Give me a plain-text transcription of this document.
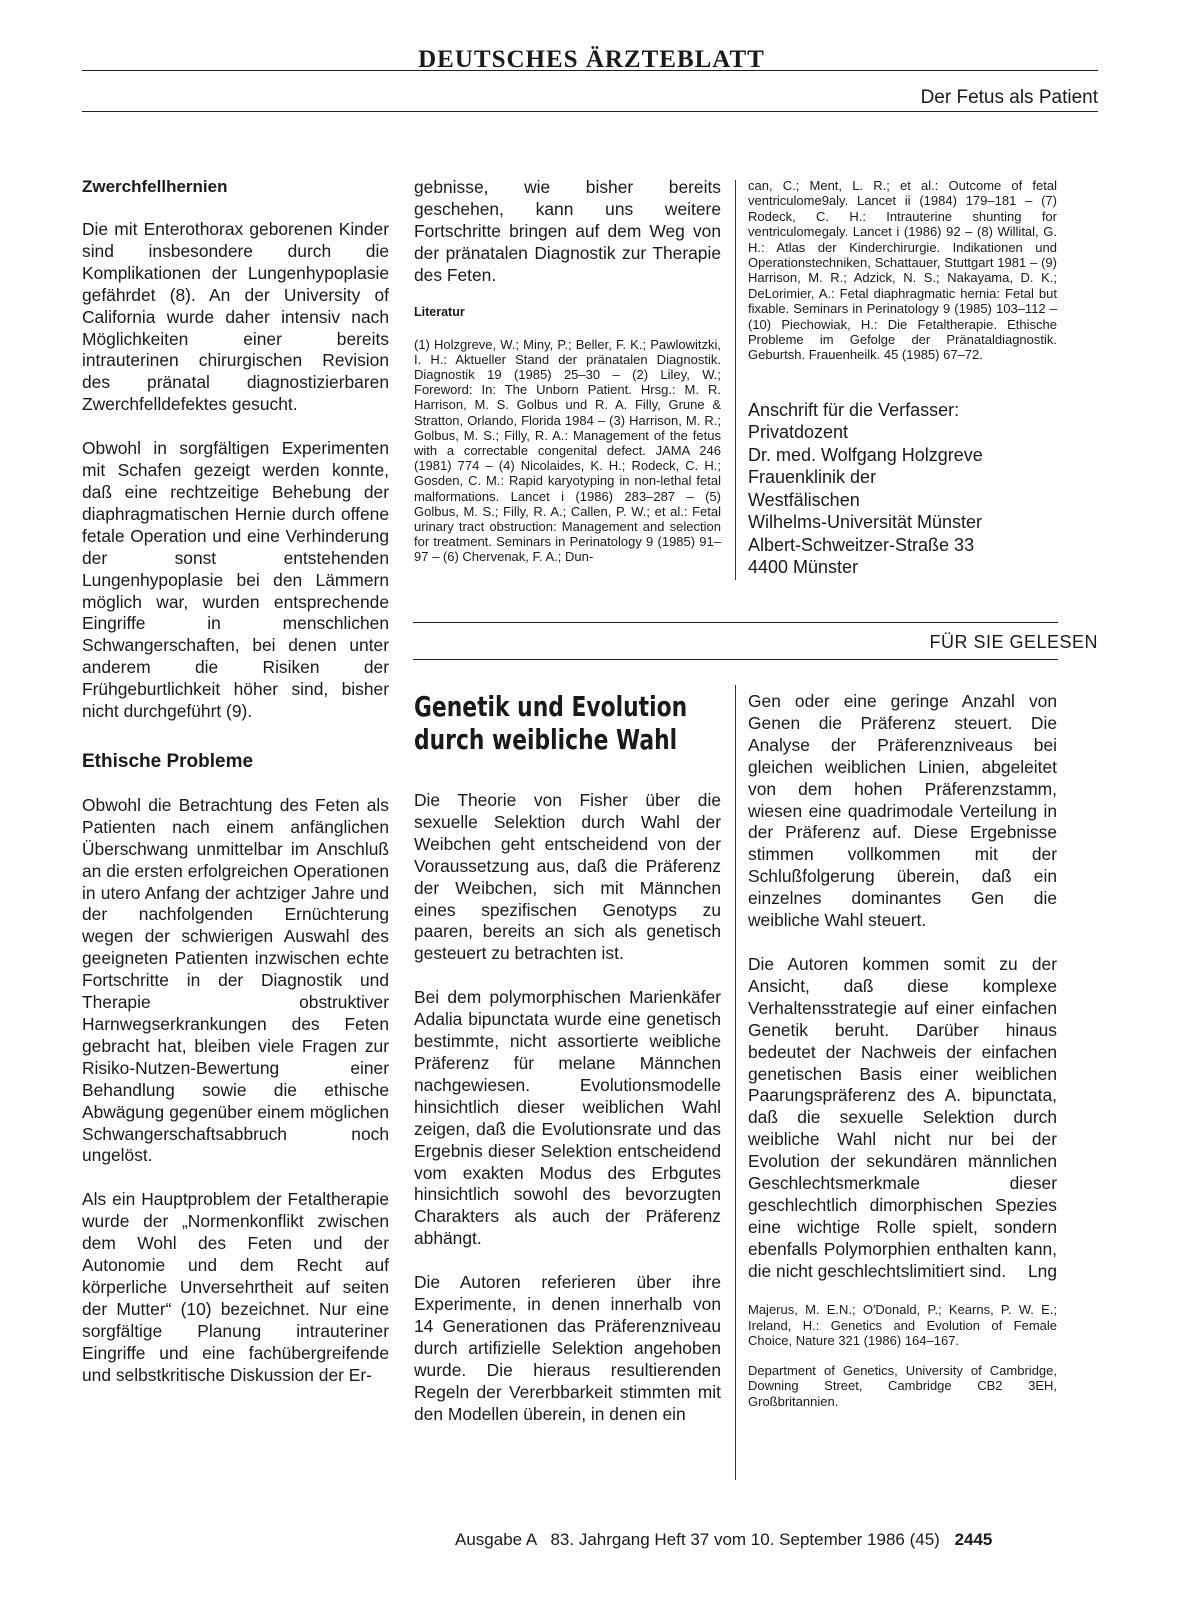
DEUTSCHES ÄRZTEBLATT
Der Fetus als Patient

Zwerchfellhernien

Die mit Enterothorax geborenen Kinder sind insbesondere durch die Komplikationen der Lungenhypoplasie gefährdet (8). An der University of California wurde daher intensiv nach Möglichkeiten einer bereits intrauterinen chirurgischen Revision des pränatal diagnostizierbaren Zwerchfelldefektes gesucht.

Obwohl in sorgfältigen Experimenten mit Schafen gezeigt werden konnte, daß eine rechtzeitige Behebung der diaphragmatischen Hernie durch offene fetale Operation und eine Verhinderung der sonst entstehenden Lungenhypoplasie bei den Lämmern möglich war, wurden entsprechende Eingriffe in menschlichen Schwangerschaften, bei denen unter anderem die Risiken der Frühgeburtlichkeit höher sind, bisher nicht durchgeführt (9).

Ethische Probleme

Obwohl die Betrachtung des Feten als Patienten nach einem anfänglichen Überschwang unmittelbar im Anschluß an die ersten erfolgreichen Operationen in utero Anfang der achtziger Jahre und der nachfolgenden Ernüchterung wegen der schwierigen Auswahl des geeigneten Patienten inzwischen echte Fortschritte in der Diagnostik und Therapie obstruktiver Harnwegserkrankungen des Feten gebracht hat, bleiben viele Fragen zur Risiko-Nutzen-Bewertung einer Behandlung sowie die ethische Abwägung gegenüber einem möglichen Schwangerschaftsabbruch noch ungelöst.

Als ein Hauptproblem der Fetaltherapie wurde der „Normenkonflikt zwischen dem Wohl des Feten und der Autonomie und dem Recht auf körperliche Unversehrtheit auf seiten der Mutter“ (10) bezeichnet. Nur eine sorgfältige Planung intrauteriner Eingriffe und eine fachübergreifende und selbstkritische Diskussion der Er-

gebnisse, wie bisher bereits geschehen, kann uns weitere Fortschritte bringen auf dem Weg von der pränatalen Diagnostik zur Therapie des Feten.

Literatur

(1) Holzgreve, W.; Miny, P.; Beller, F. K.; Pawlowitzki, I. H.: Aktueller Stand der pränatalen Diagnostik. Diagnostik 19 (1985) 25–30 – (2) Liley, W.; Foreword: In: The Unborn Patient. Hrsg.: M. R. Harrison, M. S. Golbus und R. A. Filly, Grune & Stratton, Orlando, Florida 1984 – (3) Harrison, M. R.; Golbus, M. S.; Filly, R. A.: Management of the fetus with a correctable congenital defect. JAMA 246 (1981) 774 – (4) Nicolaides, K. H.; Rodeck, C. H.; Gosden, C. M.: Rapid karyotyping in non-lethal fetal malformations. Lancet i (1986) 283–287 – (5) Golbus, M. S.; Filly, R. A.; Callen, P. W.; et al.: Fetal urinary tract obstruction: Management and selection for treatment. Seminars in Perinatology 9 (1985) 91–97 – (6) Chervenak, F. A.; Dun-

can, C.; Ment, L. R.; et al.: Outcome of fetal ventriculome9aly. Lancet ii (1984) 179–181 – (7) Rodeck, C. H.: Intrauterine shunting for ventriculomegaly. Lancet i (1986) 92 – (8) Willital, G. H.: Atlas der Kinderchirurgie. Indikationen und Operationstechniken, Schattauer, Stuttgart 1981 – (9) Harrison, M. R.; Adzick, N. S.; Nakayama, D. K.; DeLorimier, A.: Fetal diaphragmatic hernia: Fetal but fixable. Seminars in Perinatology 9 (1985) 103–112 – (10) Piechowiak, H.: Die Fetaltherapie. Ethische Probleme im Gefolge der Pränataldiagnostik. Geburtsh. Frauenheilk. 45 (1985) 67–72.

Anschrift für die Verfasser:

Privatdozent

Dr. med. Wolfgang Holzgreve

Frauenklinik der

Westfälischen

Wilhelms-Universität Münster

Albert-Schweitzer-Straße 33

4400 Münster

FÜR SIE GELESEN
Genetik und Evolution
durch weibliche Wahl

Die Theorie von Fisher über die sexuelle Selektion durch Wahl der Weibchen geht entscheidend von der Voraussetzung aus, daß die Präferenz der Weibchen, sich mit Männchen eines spezifischen Genotyps zu paaren, bereits an sich als genetisch gesteuert zu betrachten ist.

Bei dem polymorphischen Marienkäfer Adalia bipunctata wurde eine genetisch bestimmte, nicht assortierte weibliche Präferenz für melane Männchen nachgewiesen. Evolutionsmodelle hinsichtlich dieser weiblichen Wahl zeigen, daß die Evolutionsrate und das Ergebnis dieser Selektion entscheidend vom exakten Modus des Erbgutes hinsichtlich sowohl des bevorzugten Charakters als auch der Präferenz abhängt.

Die Autoren referieren über ihre Experimente, in denen innerhalb von 14 Generationen das Präferenzniveau durch artifizielle Selektion angehoben wurde. Die hieraus resultierenden Regeln der Vererbbarkeit stimmten mit den Modellen überein, in denen ein

Gen oder eine geringe Anzahl von Genen die Präferenz steuert. Die Analyse der Präferenzniveaus bei gleichen weiblichen Linien, abgeleitet von dem hohen Präferenzstamm, wiesen eine quadrimodale Verteilung in der Präferenz auf. Diese Ergebnisse stimmen vollkommen mit der Schlußfolgerung überein, daß ein einzelnes dominantes Gen die weibliche Wahl steuert.

Die Autoren kommen somit zu der Ansicht, daß diese komplexe Verhaltensstrategie auf einer einfachen Genetik beruht. Darüber hinaus bedeutet der Nachweis der einfachen genetischen Basis einer weiblichen Paarungspräferenz des A. bipunctata, daß die sexuelle Selektion durch weibliche Wahl nicht nur bei der Evolution der sekundären männlichen Geschlechtsmerkmale dieser geschlechtlich dimorphischen Spezies eine wichtige Rolle spielt, sondern ebenfalls Polymorphien enthalten kann, die nicht geschlechtslimitiert sind.	Lng

Majerus, M. E.N.; O'Donald, P.; Kearns, P. W. E.; Ireland, H.: Genetics and Evolution of Female Choice, Nature 321 (1986) 164–167.

Department of Genetics, University of Cambridge, Downing Street, Cambridge CB2 3EH, Großbritannien.

Ausgabe A   83. Jahrgang Heft 37 vom 10. September 1986 (45) 2445
